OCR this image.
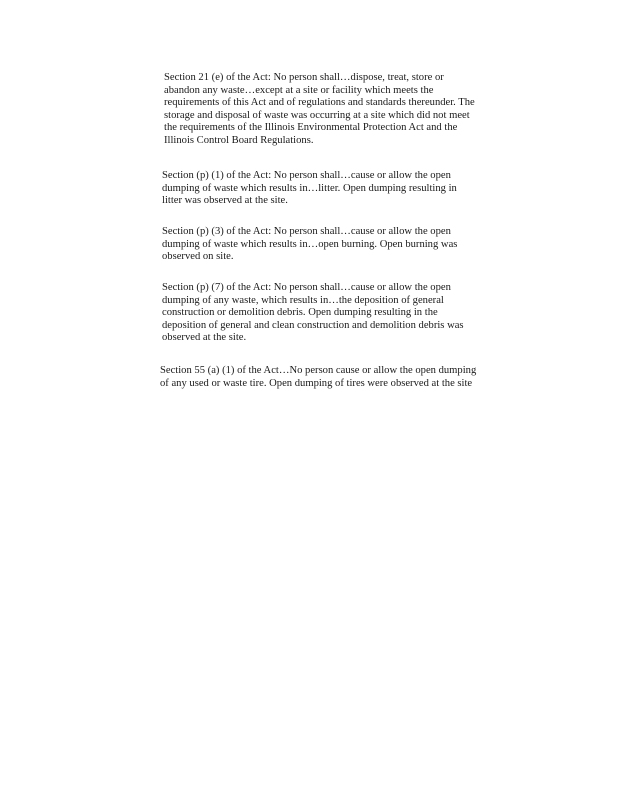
Section 21 (e) of the Act: No person shall…dispose, treat, store or
abandon any waste…except at a site or facility which meets the
requirements of this Act and of regulations and standards thereunder. The
storage and disposal of waste was occurring at a site which did not meet
the requirements of the Illinois Environmental Protection Act and the
Illinois Control Board Regulations.

Section (p) (1) of the Act: No person shall…cause or allow the open
dumping of waste which results in…litter. Open dumping resulting in
litter was observed at the site.

Section (p) (3) of the Act: No person shall…cause or allow the open
dumping of waste which results in…open burning. Open burning was
observed on site.

Section (p) (7) of the Act: No person shall…cause or allow the open
dumping of any waste, which results in…the deposition of general
construction or demolition debris. Open dumping resulting in the
deposition of general and clean construction and demolition debris was
observed at the site.

Section 55 (a) (1) of the Act…No person cause or allow the open dumping
of any used or waste tire. Open dumping of tires were observed at the site
